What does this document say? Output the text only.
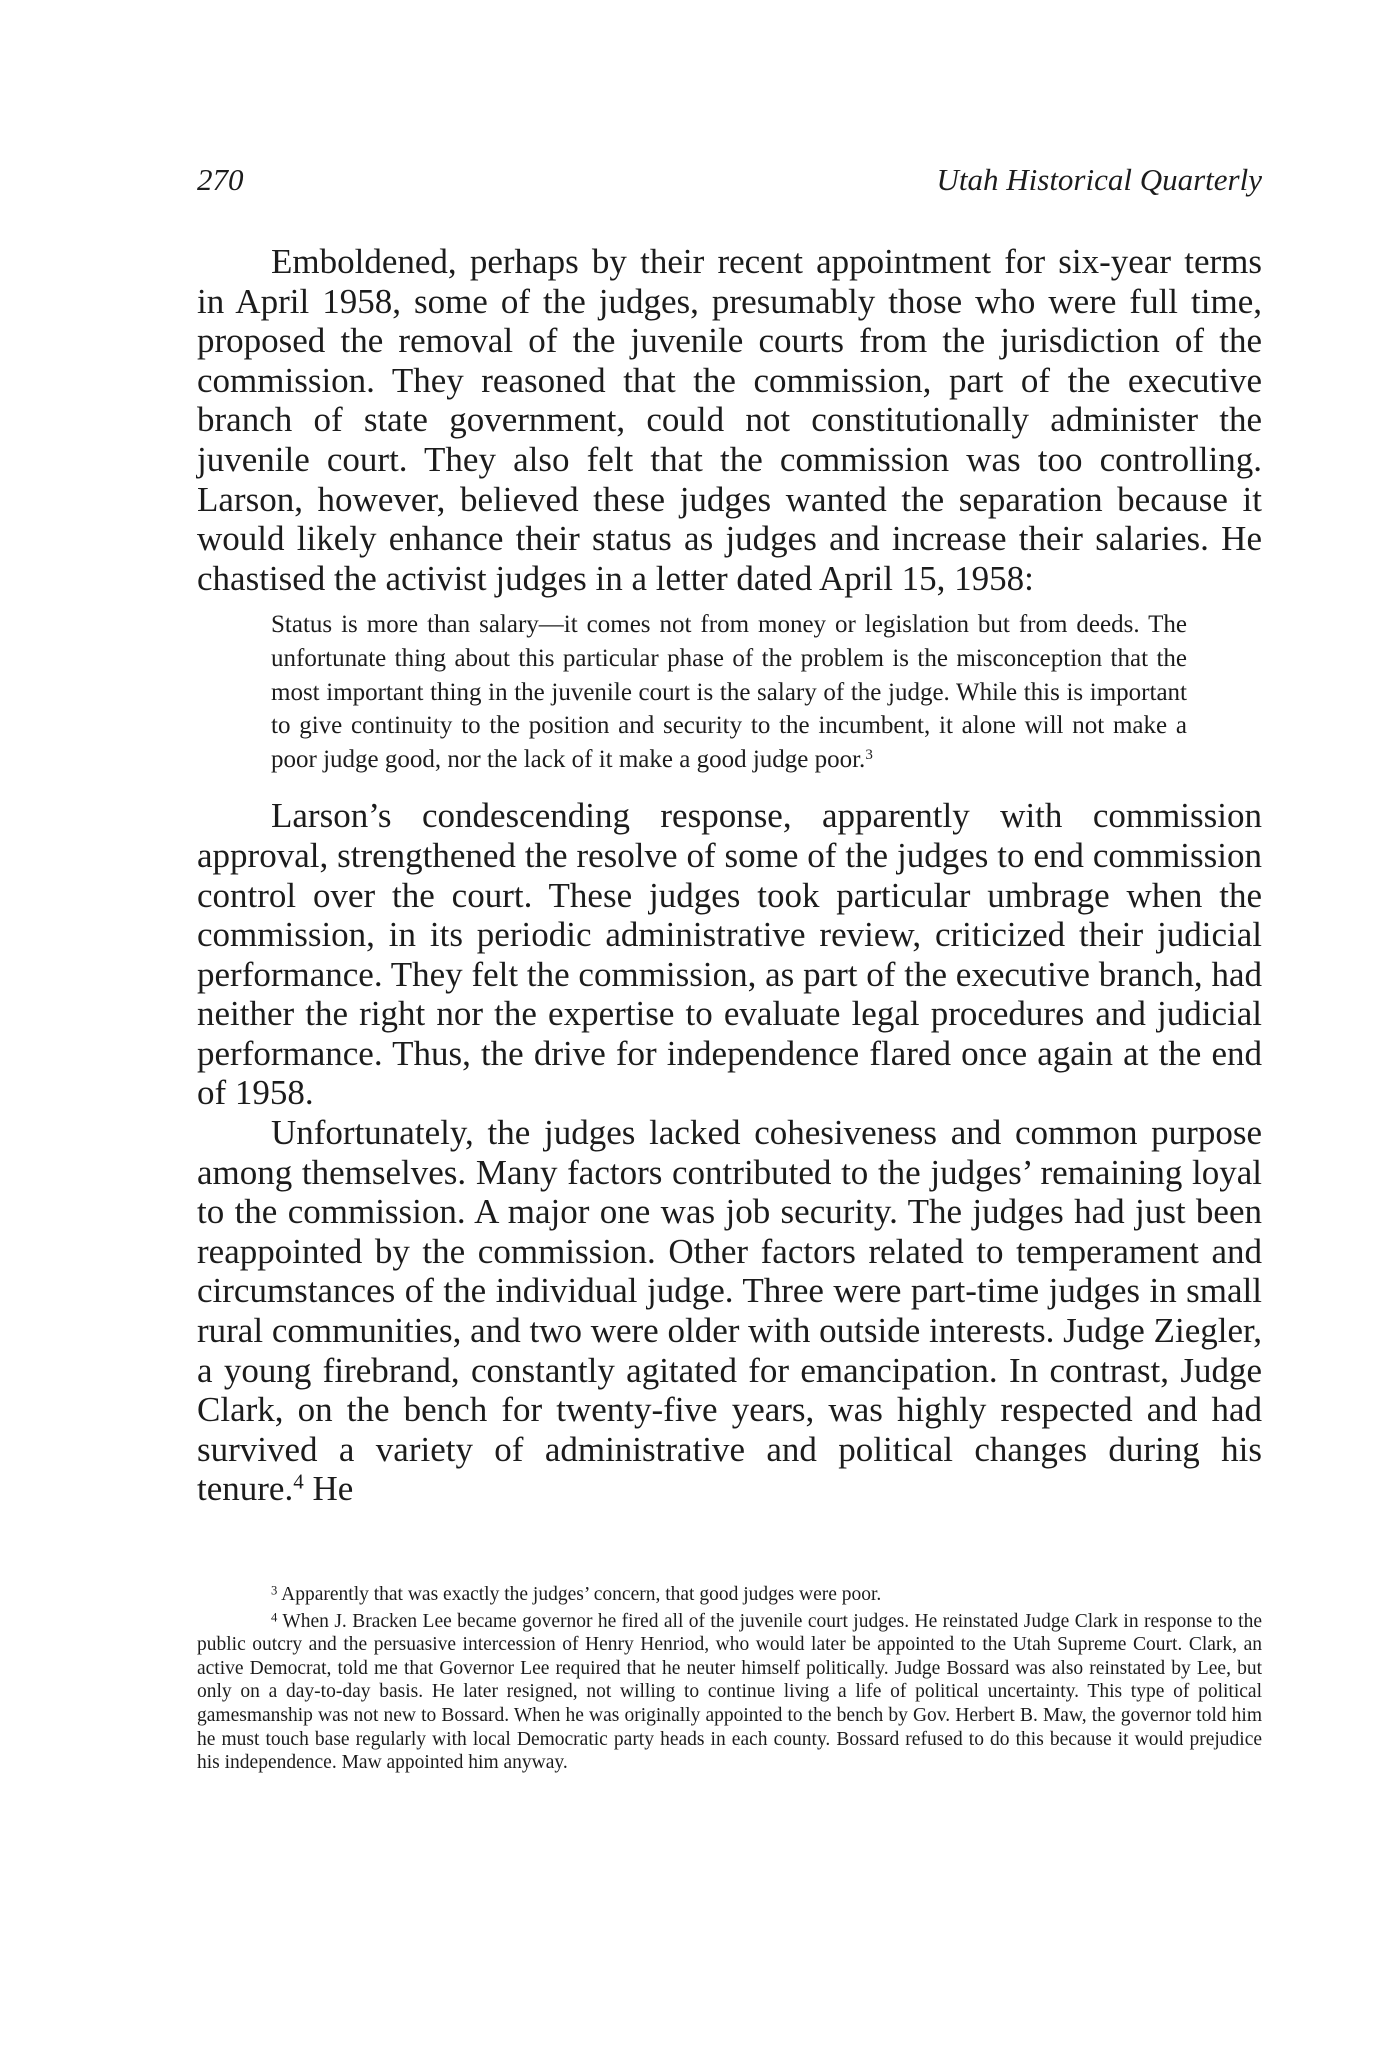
270	Utah Historical Quarterly

Emboldened, perhaps by their recent appointment for six-year terms in April 1958, some of the judges, presumably those who were full time, proposed the removal of the juvenile courts from the jurisdiction of the commission. They reasoned that the commission, part of the executive branch of state government, could not constitutionally administer the juvenile court. They also felt that the commission was too controlling. Larson, however, believed these judges wanted the separation because it would likely enhance their status as judges and increase their salaries. He chastised the activist judges in a letter dated April 15, 1958:

Status is more than salary—it comes not from money or legislation but from deeds. The unfortunate thing about this particular phase of the problem is the misconception that the most important thing in the juvenile court is the salary of the judge. While this is important to give continuity to the position and security to the incumbent, it alone will not make a poor judge good, nor the lack of it make a good judge poor.$^3$

Larson’s condescending response, apparently with commission approval, strengthened the resolve of some of the judges to end commission control over the court. These judges took particular umbrage when the commission, in its periodic administrative review, criticized their judicial performance. They felt the commission, as part of the executive branch, had neither the right nor the expertise to evaluate legal procedures and judicial performance. Thus, the drive for independence flared once again at the end of 1958.

Unfortunately, the judges lacked cohesiveness and common purpose among themselves. Many factors contributed to the judges’ remaining loyal to the commission. A major one was job security. The judges had just been reappointed by the commission. Other factors related to temperament and circumstances of the individual judge. Three were part-time judges in small rural communities, and two were older with outside interests. Judge Ziegler, a young firebrand, constantly agitated for emancipation. In contrast, Judge Clark, on the bench for twenty-five years, was highly respected and had survived a variety of administrative and political changes during his tenure.$^4$ He

$^3$ Apparently that was exactly the judges’ concern, that good judges were poor.

$^4$ When J. Bracken Lee became governor he fired all of the juvenile court judges. He reinstated Judge Clark in response to the public outcry and the persuasive intercession of Henry Henriod, who would later be appointed to the Utah Supreme Court. Clark, an active Democrat, told me that Governor Lee required that he neuter himself politically. Judge Bossard was also reinstated by Lee, but only on a day-to-day basis. He later resigned, not willing to continue living a life of political uncertainty. This type of political gamesmanship was not new to Bossard. When he was originally appointed to the bench by Gov. Herbert B. Maw, the governor told him he must touch base regularly with local Democratic party heads in each county. Bossard refused to do this because it would prejudice his independence. Maw appointed him anyway.
